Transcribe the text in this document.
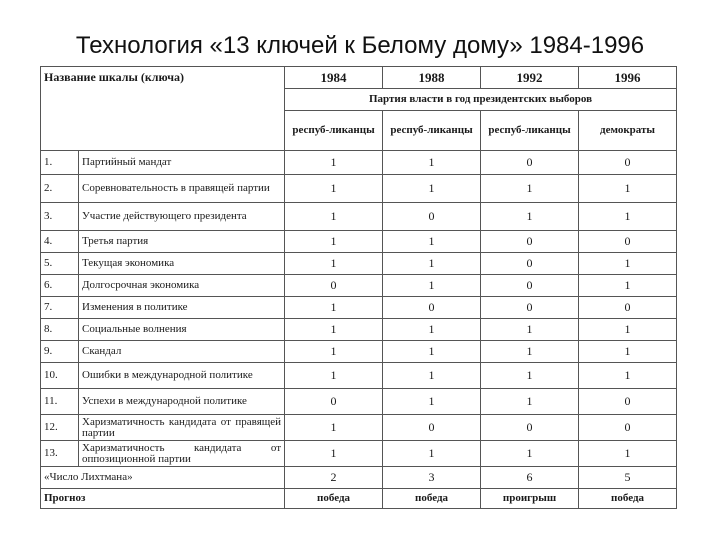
Технология «13 ключей к Белому дому» 1984-1996
Название шкалы (ключа)		1984	1988	1992	1996
		Партия власти в год президентских выборов			
		респуб-ликанцы	респуб-ликанцы	респуб-ликанцы	демократы
1.	Партийный мандат	1	1	0	0
2.	Соревновательность в правящей партии	1	1	1	1
3.	Участие действующего президента	1	0	1	1
4.	Третья партия	1	1	0	0
5.	Текущая экономика	1	1	0	1
6.	Долгосрочная экономика	0	1	0	1
7.	Изменения в политике	1	0	0	0
8.	Социальные волнения	1	1	1	1
9.	Скандал	1	1	1	1
10.	Ошибки в международной политике	1	1	1	1
11.	Успехи в международной политике	0	1	1	0
12.	Харизматичность кандидата от правящей партии	1	0	0	0
13.	Харизматичность кандидата от оппозиционной партии	1	1	1	1
«Число Лихтмана»		2	3	6	5
Прогноз		победа	победа	проигрыш	победа
